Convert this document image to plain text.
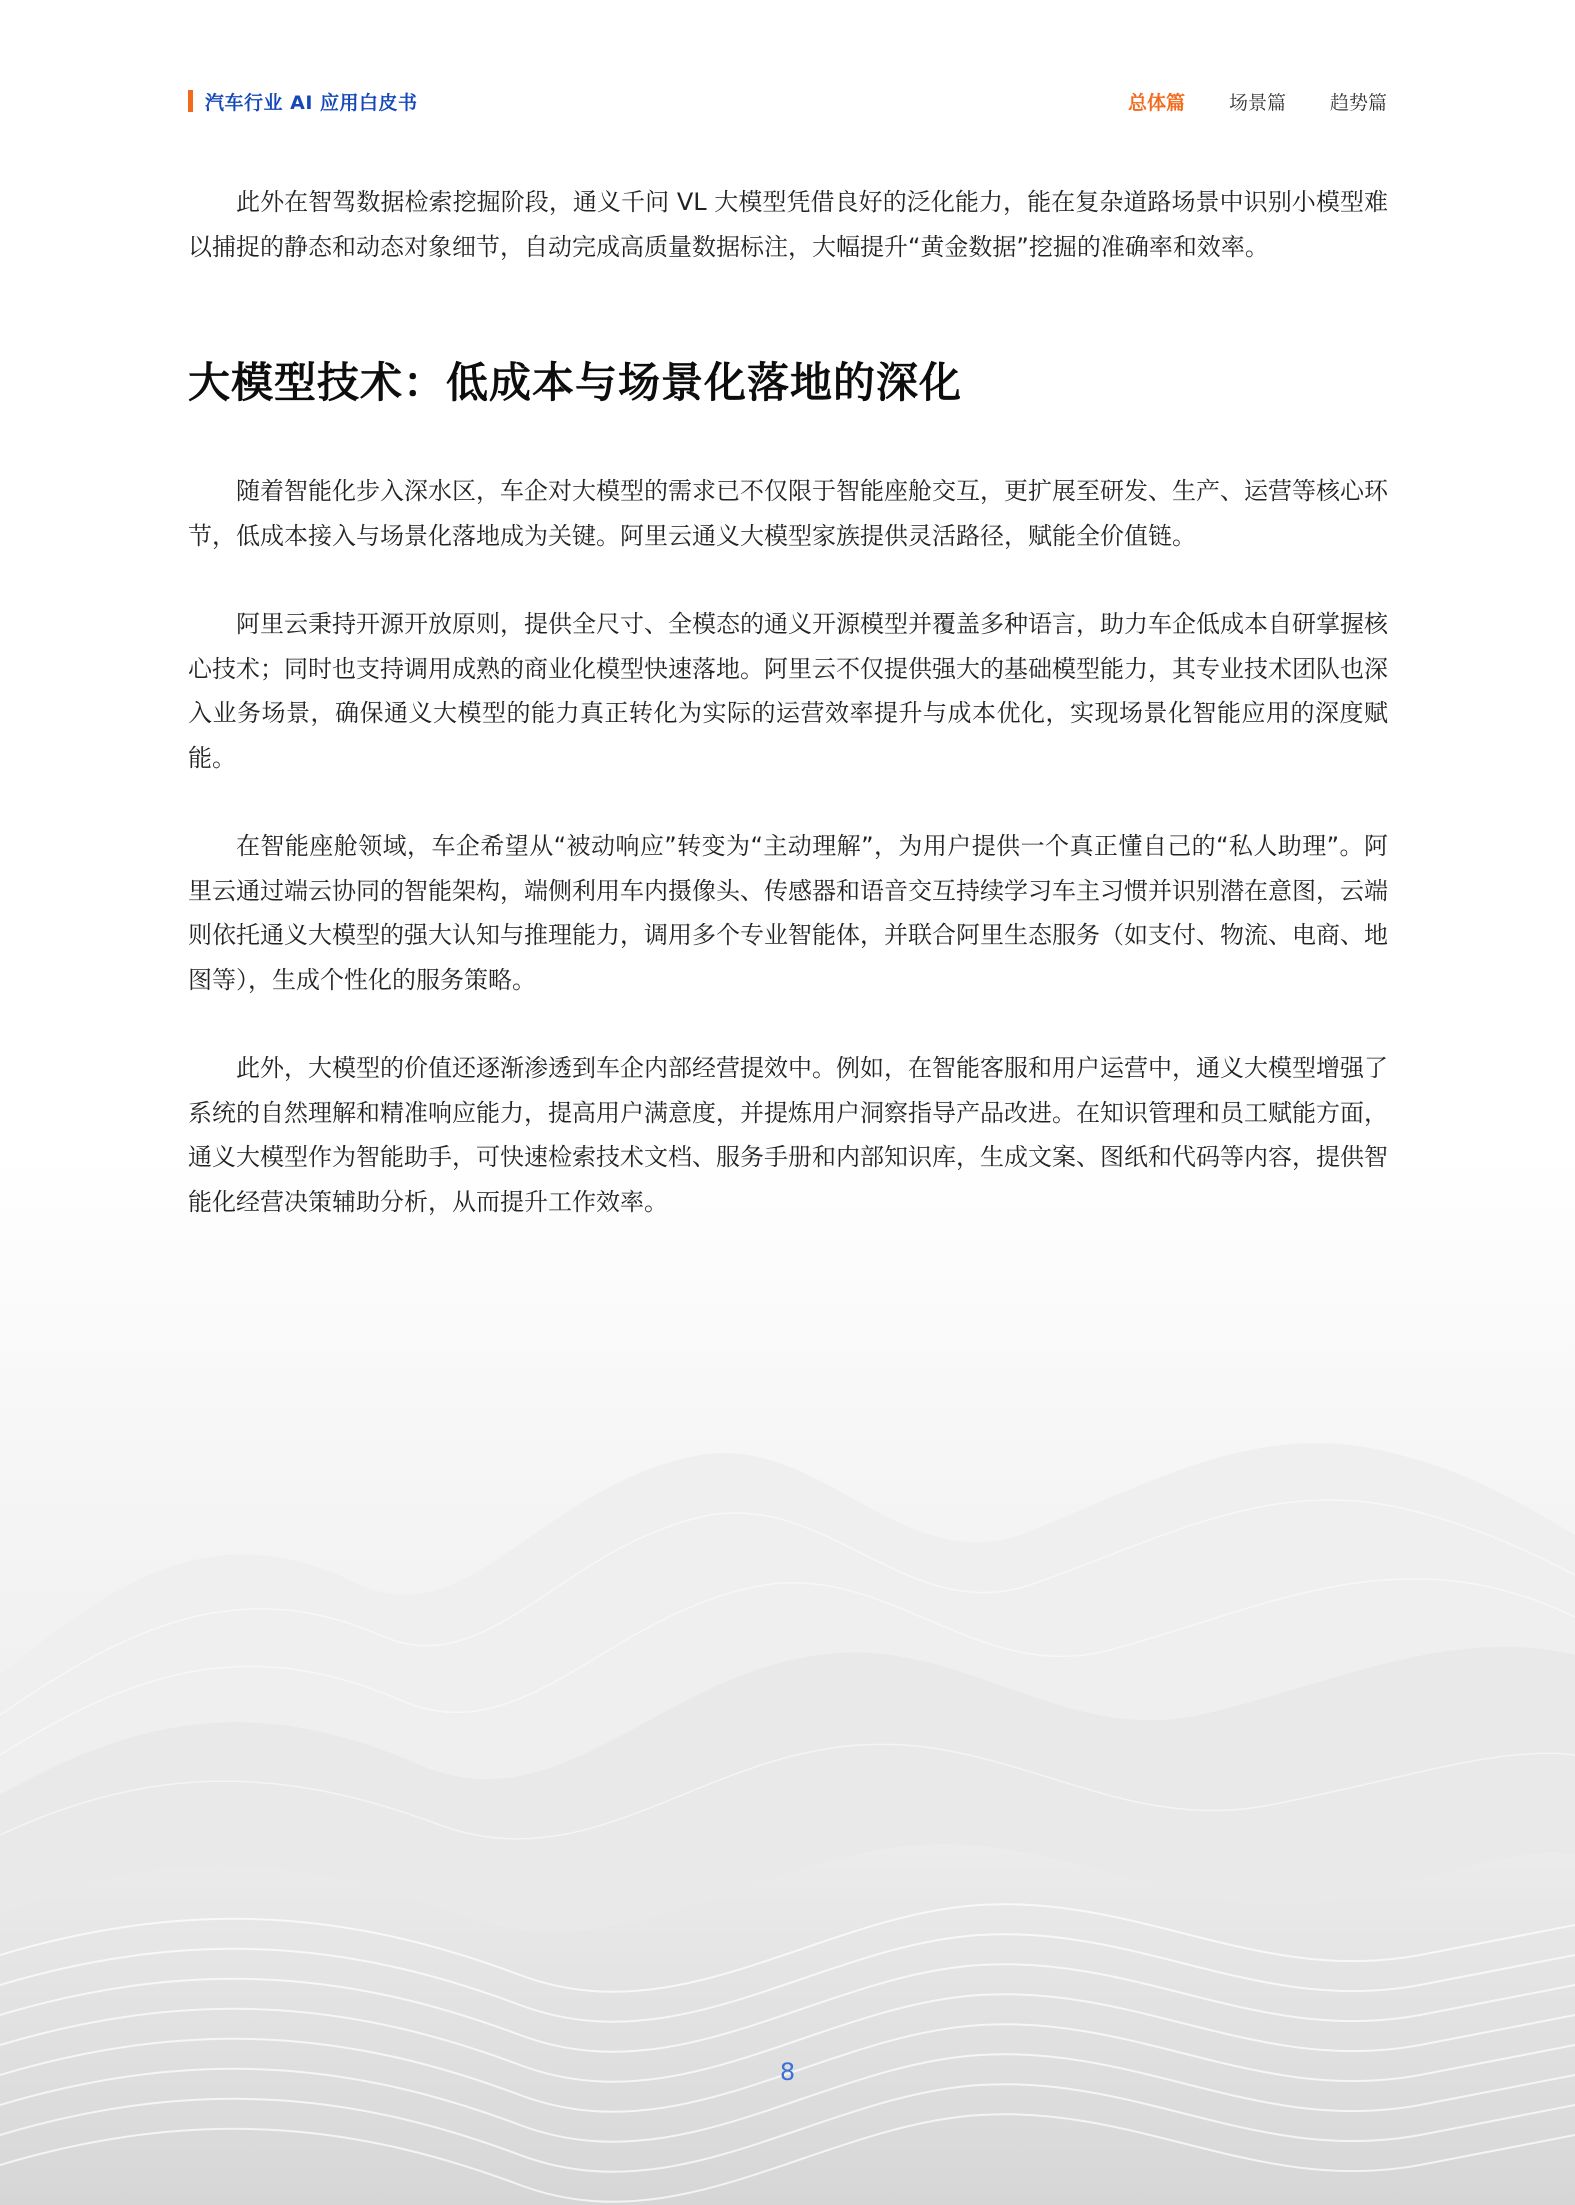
汽车行业 AI 应用白皮书	总体篇 场景篇 趋势篇

此外在智驾数据检索挖掘阶段，通义千问 VL 大模型凭借良好的泛化能力，能在复杂道路场景中识别小模型难以捕捉的静态和动态对象细节，自动完成高质量数据标注，大幅提升“黄金数据”挖掘的准确率和效率。

大模型技术：低成本与场景化落地的深化

随着智能化步入深水区，车企对大模型的需求已不仅限于智能座舱交互，更扩展至研发、生产、运营等核心环节，低成本接入与场景化落地成为关键。阿里云通义大模型家族提供灵活路径，赋能全价值链。

阿里云秉持开源开放原则，提供全尺寸、全模态的通义开源模型并覆盖多种语言，助力车企低成本自研掌握核心技术；同时也支持调用成熟的商业化模型快速落地。阿里云不仅提供强大的基础模型能力，其专业技术团队也深入业务场景，确保通义大模型的能力真正转化为实际的运营效率提升与成本优化，实现场景化智能应用的深度赋能。

在智能座舱领域，车企希望从“被动响应”转变为“主动理解”，为用户提供一个真正懂自己的“私人助理”。阿里云通过端云协同的智能架构，端侧利用车内摄像头、传感器和语音交互持续学习车主习惯并识别潜在意图，云端则依托通义大模型的强大认知与推理能力，调用多个专业智能体，并联合阿里生态服务（如支付、物流、电商、地图等），生成个性化的服务策略。

此外，大模型的价值还逐渐渗透到车企内部经营提效中。例如，在智能客服和用户运营中，通义大模型增强了系统的自然理解和精准响应能力，提高用户满意度，并提炼用户洞察指导产品改进。在知识管理和员工赋能方面，通义大模型作为智能助手，可快速检索技术文档、服务手册和内部知识库，生成文案、图纸和代码等内容，提供智能化经营决策辅助分析，从而提升工作效率。

8
